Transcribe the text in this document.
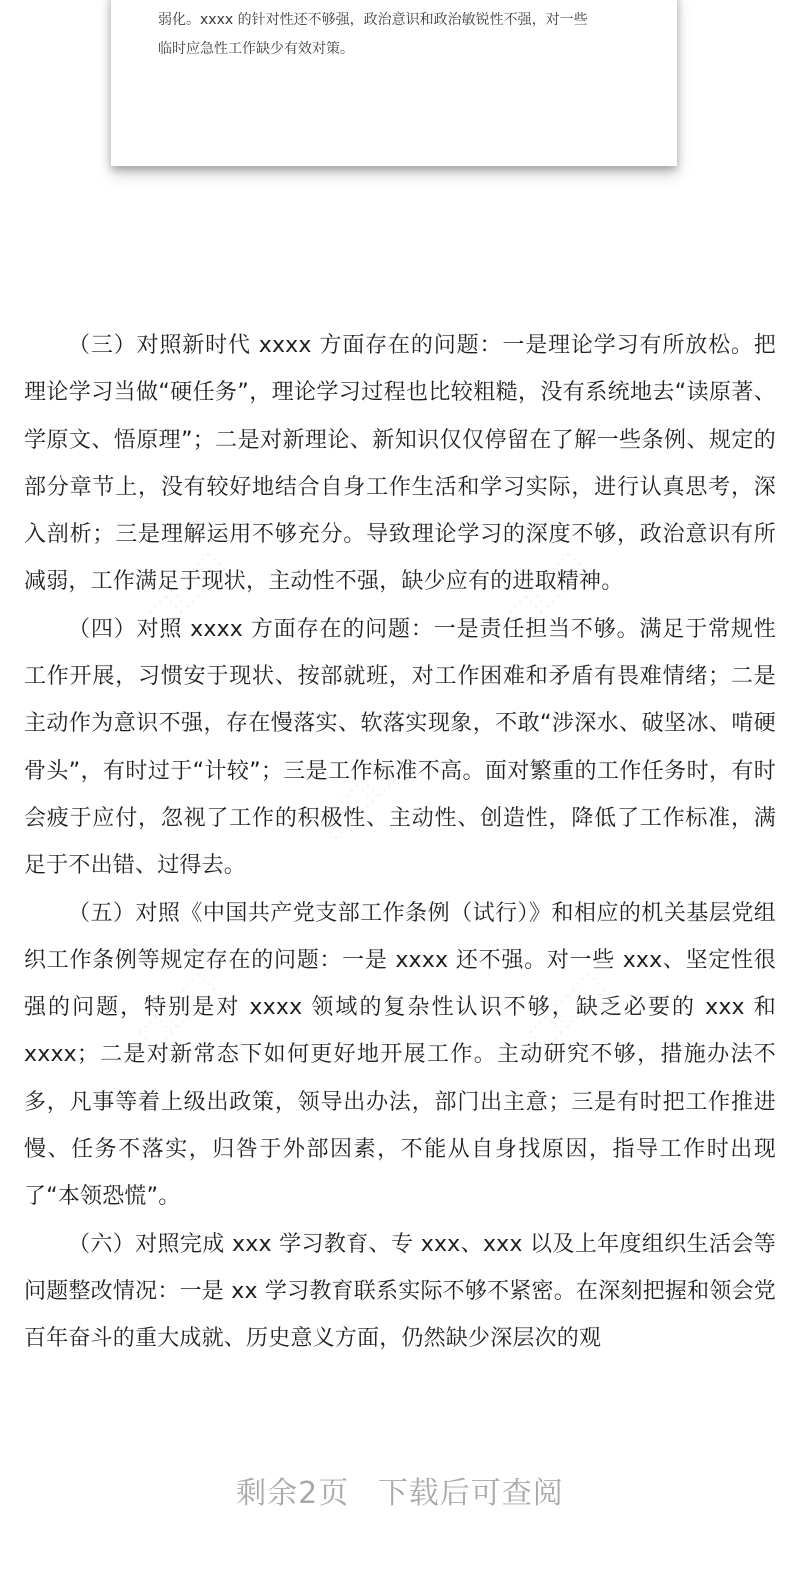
弱化。xxxx 的针对性还不够强，政治意识和政治敏锐性不强，对一些
临时应急性工作缺少有效对策。

（三）对照新时代 xxxx 方面存在的问题：一是理论学习有所放松。把理论学习当做“硬任务”，理论学习过程也比较粗糙，没有系统地去“读原著、学原文、悟原理”；二是对新理论、新知识仅仅停留在了解一些条例、规定的部分章节上，没有较好地结合自身工作生活和学习实际，进行认真思考，深入剖析；三是理解运用不够充分。导致理论学习的深度不够，政治意识有所减弱，工作满足于现状，主动性不强，缺少应有的进取精神。

（四）对照 xxxx 方面存在的问题：一是责任担当不够。满足于常规性工作开展，习惯安于现状、按部就班，对工作困难和矛盾有畏难情绪；二是主动作为意识不强，存在慢落实、软落实现象，不敢“涉深水、破坚冰、啃硬骨头”，有时过于“计较”；三是工作标准不高。面对繁重的工作任务时，有时会疲于应付，忽视了工作的积极性、主动性、创造性，降低了工作标准，满足于不出错、过得去。

（五）对照《中国共产党支部工作条例（试行）》和相应的机关基层党组织工作条例等规定存在的问题：一是 xxxx 还不强。对一些 xxx、坚定性很强的问题，特别是对 xxxx 领域的复杂性认识不够，缺乏必要的 xxx 和 xxxx；二是对新常态下如何更好地开展工作。主动研究不够，措施办法不多，凡事等着上级出政策，领导出办法，部门出主意；三是有时把工作推进慢、任务不落实，归咎于外部因素，不能从自身找原因，指导工作时出现了“本领恐慌”。

（六）对照完成 xxx 学习教育、专 xxx、xxx 以及上年度组织生活会等问题整改情况：一是 xx 学习教育联系实际不够不紧密。在深刻把握和领会党百年奋斗的重大成就、历史意义方面，仍然缺少深层次的观

剩余2页 下载后可查阅
